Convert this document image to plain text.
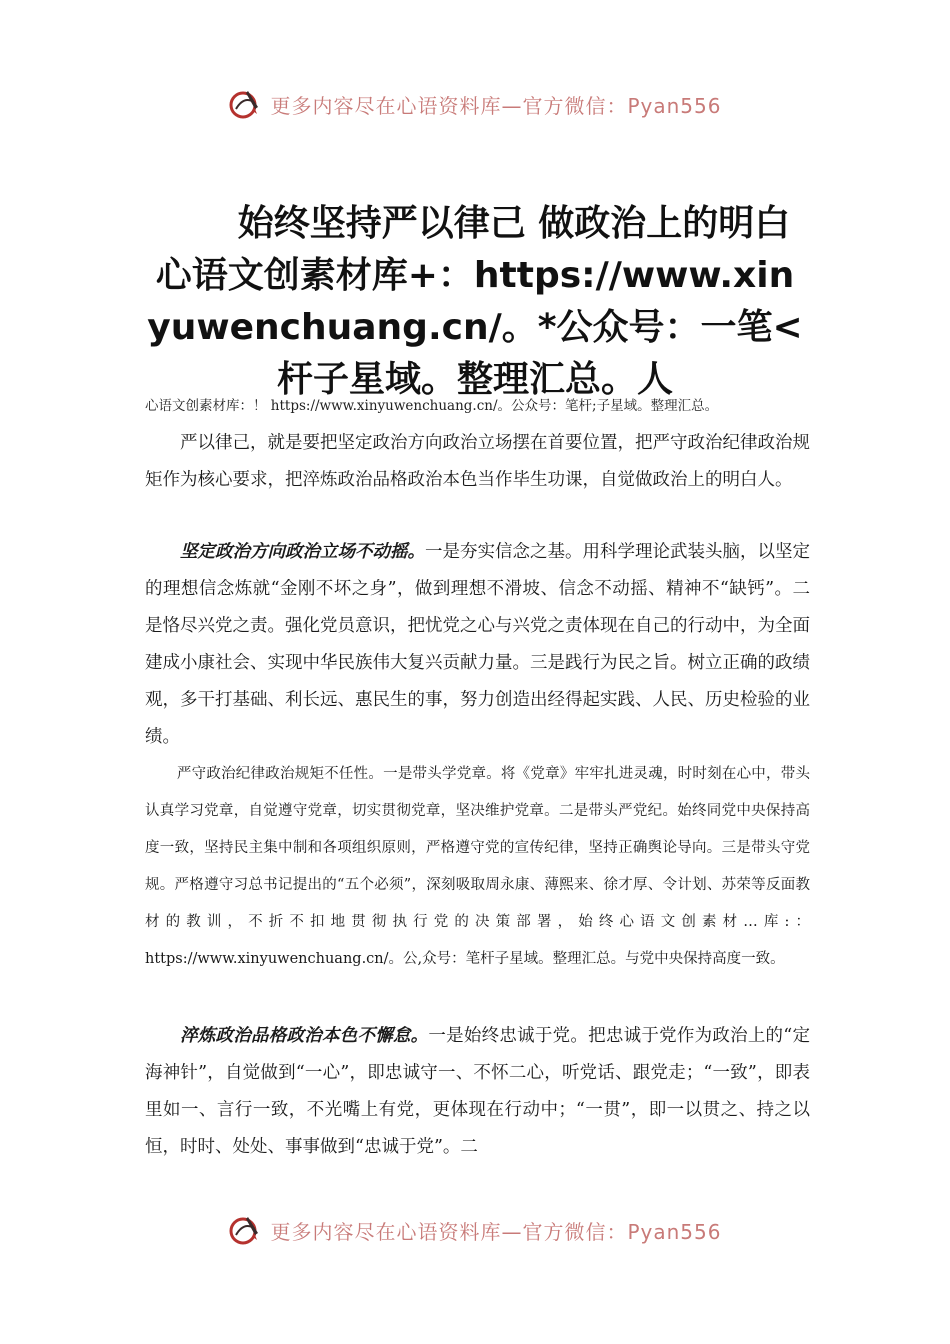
更多内容尽在心语资料库—官方微信：Pyan556
始终坚持严以律己 做政治上的明白心语文创素材库+：https://www.xinyuwenchuang.cn/。*公众号：一笔<杆子星域。整理汇总。人
心语文创素材库：！ https://www.xinyuwenchuang.cn/。公众号：笔杆;子星域。整理汇总。

严以律己，就是要把坚定政治方向政治立场摆在首要位置，把严守政治纪律政治规矩作为核心要求，把淬炼政治品格政治本色当作毕生功课，自觉做政治上的明白人。

坚定政治方向政治立场不动摇。一是夯实信念之基。用科学理论武装头脑，以坚定的理想信念炼就“金刚不坏之身”，做到理想不滑坡、信念不动摇、精神不“缺钙”。二是恪尽兴党之责。强化党员意识，把忧党之心与兴党之责体现在自己的行动中，为全面建成小康社会、实现中华民族伟大复兴贡献力量。三是践行为民之旨。树立正确的政绩观，多干打基础、利长远、惠民生的事，努力创造出经得起实践、人民、历史检验的业绩。

严守政治纪律政治规矩不任性。一是带头学党章。将《党章》牢牢扎进灵魂，时时刻在心中，带头认真学习党章，自觉遵守党章，切实贯彻党章，坚决维护党章。二是带头严党纪。始终同党中央保持高度一致，坚持民主集中制和各项组织原则，严格遵守党的宣传纪律，坚持正确舆论导向。三是带头守党规。严格遵守习总书记提出的“五个必须”，深刻吸取周永康、薄熙来、徐才厚、令计划、苏荣等反面教材的教训，不折不扣地贯彻执行党的决策部署，始终心语文创素材…库:：https://www.xinyuwenchuang.cn/。公,众号：笔杆子星域。整理汇总。与党中央保持高度一致。

淬炼政治品格政治本色不懈怠。一是始终忠诚于党。把忠诚于党作为政治上的“定海神针”，自觉做到“一心”，即忠诚守一、不怀二心，听党话、跟党走；“一致”，即表里如一、言行一致，不光嘴上有党，更体现在行动中；“一贯”，即一以贯之、持之以恒，时时、处处、事事做到“忠诚于党”。二

更多内容尽在心语资料库—官方微信：Pyan556
